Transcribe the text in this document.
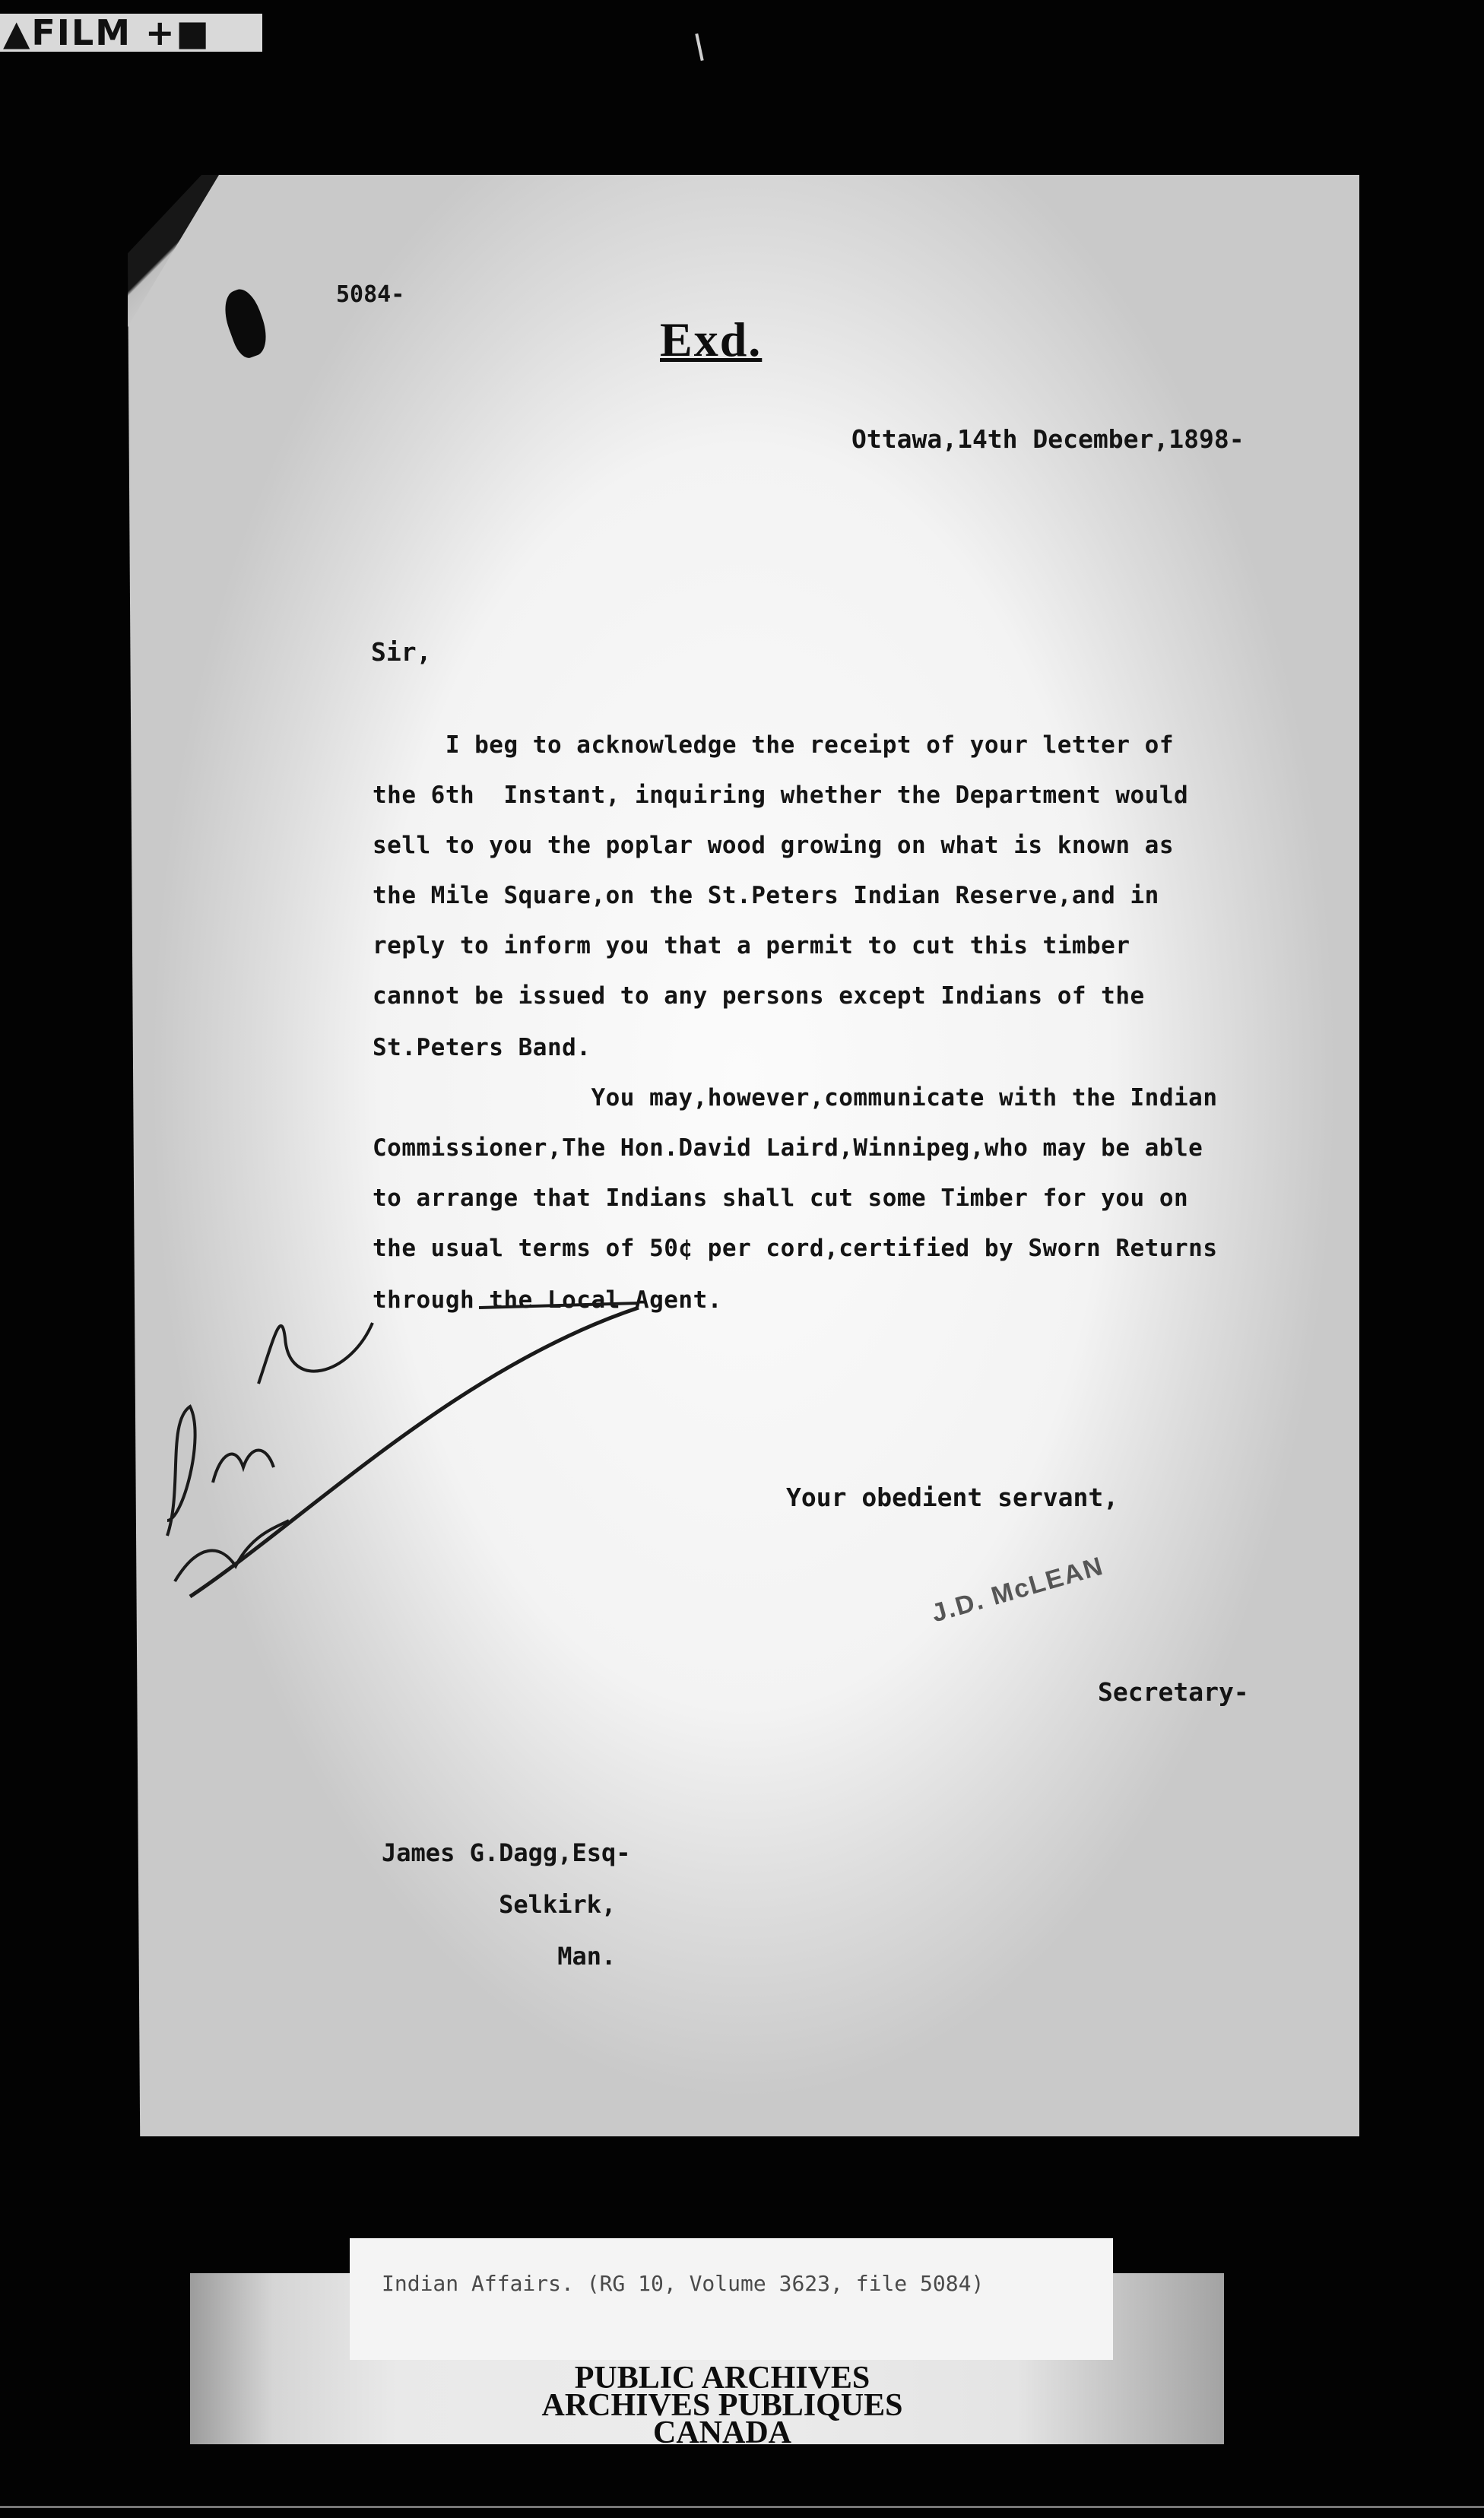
▲FILM +■
5084-
Exd.
Ottawa,14th December,1898-
Sir,
I beg to acknowledge the receipt of your letter of
the 6th  Instant, inquiring whether the Department would
sell to you the poplar wood growing on what is known as
the Mile Square,on the St.Peters Indian Reserve,and in
reply to inform you that a permit to cut this timber
cannot be issued to any persons except Indians of the
St.Peters Band.
You may,however,communicate with the Indian
Commissioner,The Hon.David Laird,Winnipeg,who may be able
to arrange that Indians shall cut some Timber for you on
the usual terms of 50¢ per cord,certified by Sworn Returns
through the Local Agent.
Your obedient servant,
J.D. McLEAN
Secretary-
James G.Dagg,Esq-
Selkirk,
Man.
Indian Affairs. (RG 10, Volume 3623, file 5084)
PUBLIC ARCHIVES
ARCHIVES PUBLIQUES
CANADA
